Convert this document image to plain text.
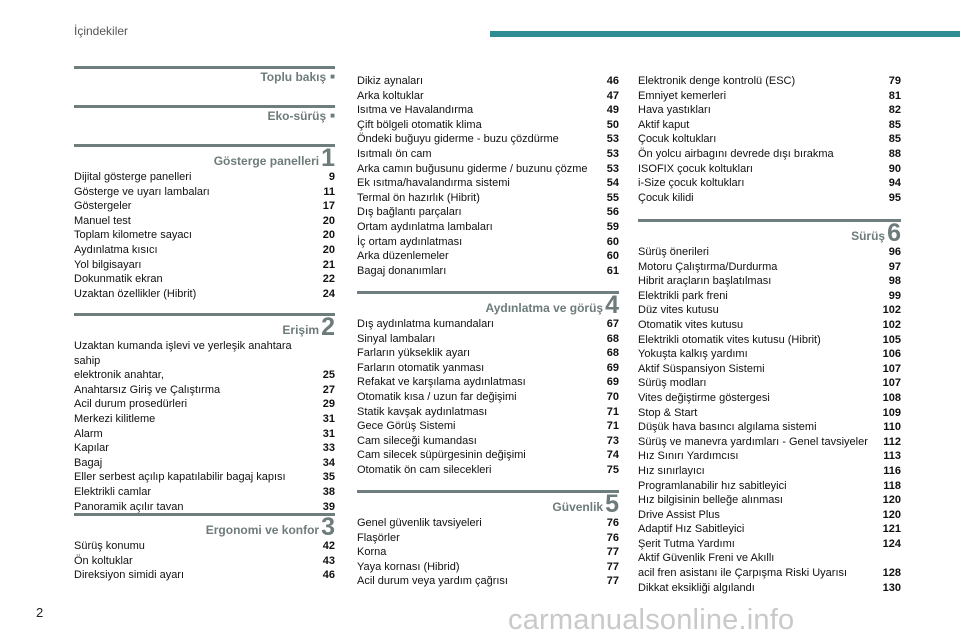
İçindekiler
Toplu bakış ■
Eko-sürüş ■
Gösterge panelleri 1
Dijital gösterge panelleri	9
Gösterge ve uyarı lambaları	11
Göstergeler	17
Manuel test	20
Toplam kilometre sayacı	20
Aydınlatma kısıcı	20
Yol bilgisayarı	21
Dokunmatik ekran	22
Uzaktan özellikler (Hibrit)	24
Erişim 2
Uzaktan kumanda işlevi ve yerleşik anahtara sahip
elektronik anahtar,	25
Anahtarsız Giriş ve Çalıştırma	27
Acil durum prosedürleri	29
Merkezi kilitleme	31
Alarm	31
Kapılar	33
Bagaj	34
Eller serbest açılıp kapatılabilir bagaj kapısı	35
Elektrikli camlar	38
Panoramik açılır tavan	39
Ergonomi ve konfor 3
Sürüş konumu	42
Ön koltuklar	43
Direksiyon simidi ayarı	46
Dikiz aynaları	46
Arka koltuklar	47
Isıtma ve Havalandırma	49
Çift bölgeli otomatik klima	50
Öndeki buğuyu giderme - buzu çözdürme	53
Isıtmalı ön cam	53
Arka camın buğusunu giderme / buzunu çözme	53
Ek ısıtma/havalandırma sistemi	54
Termal ön hazırlık (Hibrit)	55
Dış bağlantı parçaları	56
Ortam aydınlatma lambaları	59
İç ortam aydınlatması	60
Arka düzenlemeler	60
Bagaj donanımları	61
Aydınlatma ve görüş 4
Dış aydınlatma kumandaları	67
Sinyal lambaları	68
Farların yükseklik ayarı	68
Farların otomatik yanması	69
Refakat ve karşılama aydınlatması	69
Otomatik kısa / uzun far değişimi	70
Statik kavşak aydınlatması	71
Gece Görüş Sistemi	71
Cam sileceği kumandası	73
Cam silecek süpürgesinin değişimi	74
Otomatik ön cam silecekleri	75
Güvenlik 5
Genel güvenlik tavsiyeleri	76
Flaşörler	76
Korna	77
Yaya kornası (Hibrid)	77
Acil durum veya yardım çağrısı	77
Elektronik denge kontrolü (ESC)	79
Emniyet kemerleri	81
Hava yastıkları	82
Aktif kaput	85
Çocuk koltukları	85
Ön yolcu airbagını devrede dışı bırakma	88
ISOFIX çocuk koltukları	90
i-Size çocuk koltukları	94
Çocuk kilidi	95
Sürüş 6
Sürüş önerileri	96
Motoru Çalıştırma/Durdurma	97
Hibrit araçların başlatılması	98
Elektrikli park freni	99
Düz vites kutusu	102
Otomatik vites kutusu	102
Elektrikli otomatik vites kutusu (Hibrit)	105
Yokuşta kalkış yardımı	106
Aktif Süspansiyon Sistemi	107
Sürüş modları	107
Vites değiştirme göstergesi	108
Stop & Start	109
Düşük hava basıncı algılama sistemi	110
Sürüş ve manevra yardımları - Genel tavsiyeler	112
Hız Sınırı Yardımcısı	113
Hız sınırlayıcı	116
Programlanabilir hız sabitleyici	118
Hız bilgisinin belleğe alınması	120
Drive Assist Plus	120
Adaptif Hız Sabitleyici	121
Şerit Tutma Yardımı	124
Aktif Güvenlik Freni ve Akıllı
acil fren asistanı ile Çarpışma Riski Uyarısı	128
Dikkat eksikliği algılandı	130
2	carmanualsonline.info
